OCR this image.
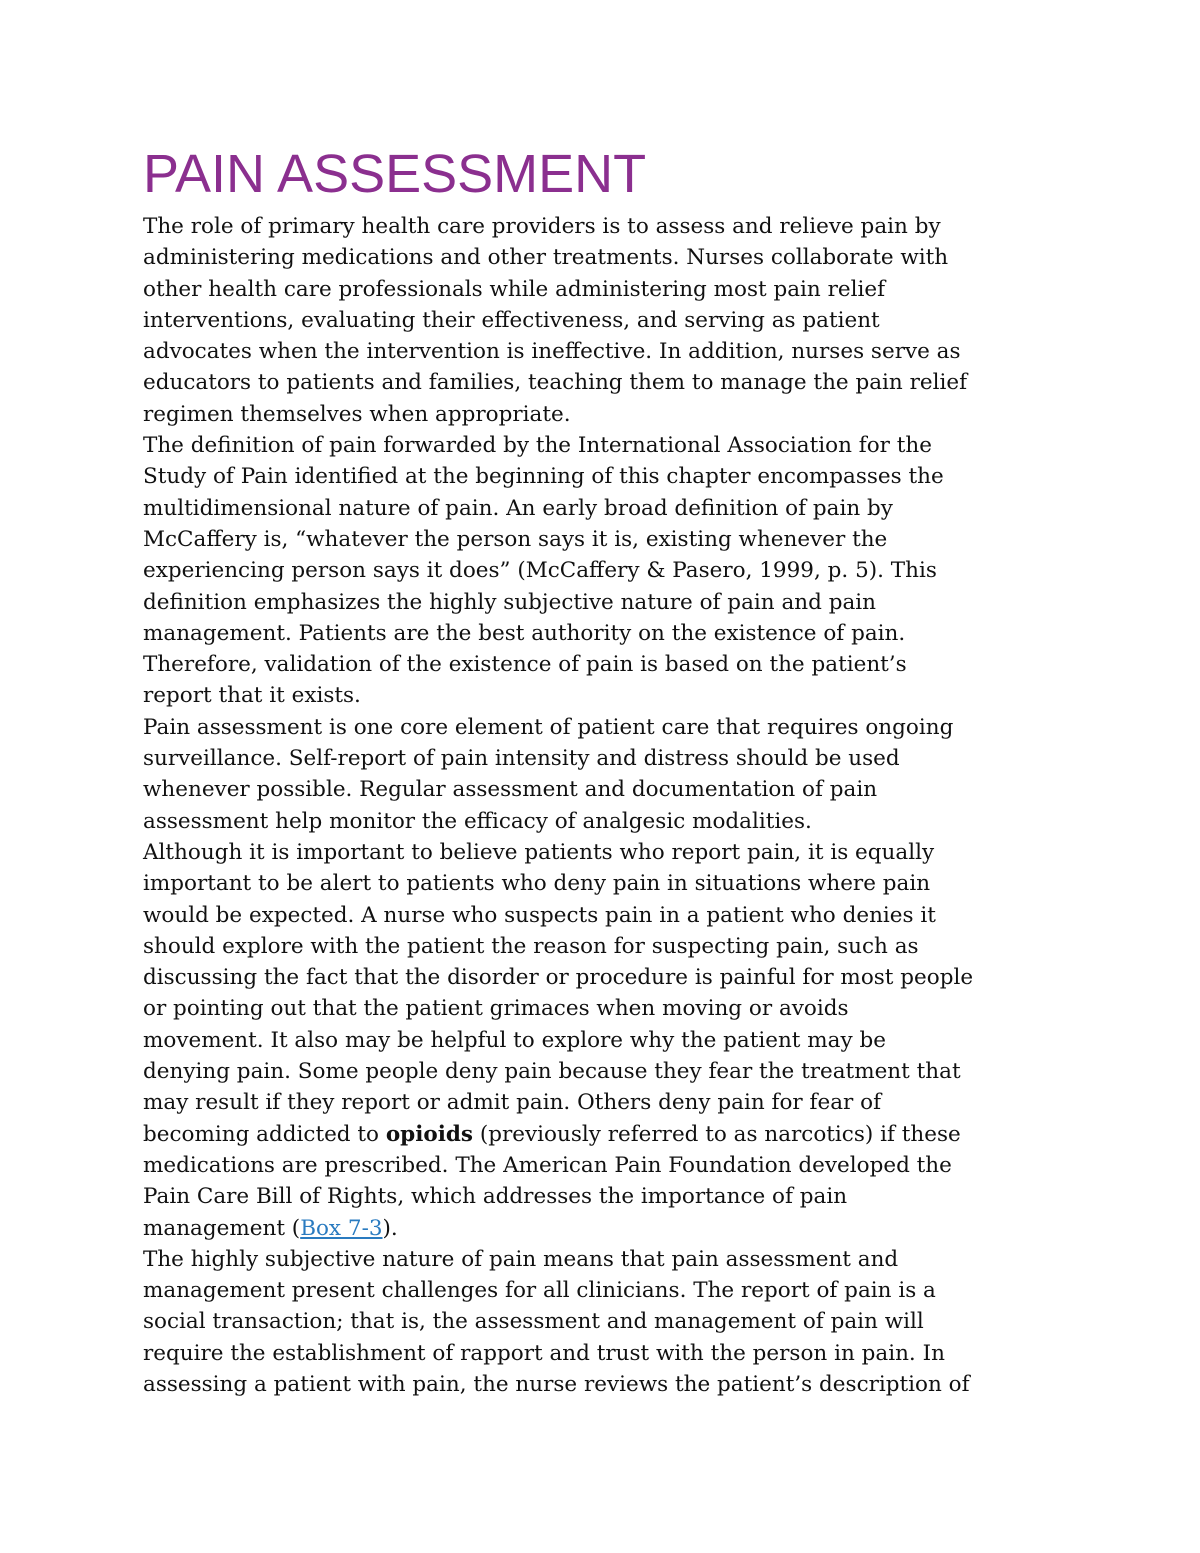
PAIN ASSESSMENT
The role of primary health care providers is to assess and relieve pain by
administering medications and other treatments. Nurses collaborate with
other health care professionals while administering most pain relief
interventions, evaluating their effectiveness, and serving as patient
advocates when the intervention is ineffective. In addition, nurses serve as
educators to patients and families, teaching them to manage the pain relief
regimen themselves when appropriate.
The definition of pain forwarded by the International Association for the
Study of Pain identified at the beginning of this chapter encompasses the
multidimensional nature of pain. An early broad definition of pain by
McCaffery is, “whatever the person says it is, existing whenever the
experiencing person says it does” (McCaffery & Pasero, 1999, p. 5). This
definition emphasizes the highly subjective nature of pain and pain
management. Patients are the best authority on the existence of pain.
Therefore, validation of the existence of pain is based on the patient’s
report that it exists.
Pain assessment is one core element of patient care that requires ongoing
surveillance. Self-report of pain intensity and distress should be used
whenever possible. Regular assessment and documentation of pain
assessment help monitor the efficacy of analgesic modalities.
Although it is important to believe patients who report pain, it is equally
important to be alert to patients who deny pain in situations where pain
would be expected. A nurse who suspects pain in a patient who denies it
should explore with the patient the reason for suspecting pain, such as
discussing the fact that the disorder or procedure is painful for most people
or pointing out that the patient grimaces when moving or avoids
movement. It also may be helpful to explore why the patient may be
denying pain. Some people deny pain because they fear the treatment that
may result if they report or admit pain. Others deny pain for fear of
becoming addicted to opioids (previously referred to as narcotics) if these
medications are prescribed. The American Pain Foundation developed the
Pain Care Bill of Rights, which addresses the importance of pain
management (Box 7-3).
The highly subjective nature of pain means that pain assessment and
management present challenges for all clinicians. The report of pain is a
social transaction; that is, the assessment and management of pain will
require the establishment of rapport and trust with the person in pain. In
assessing a patient with pain, the nurse reviews the patient’s description of
